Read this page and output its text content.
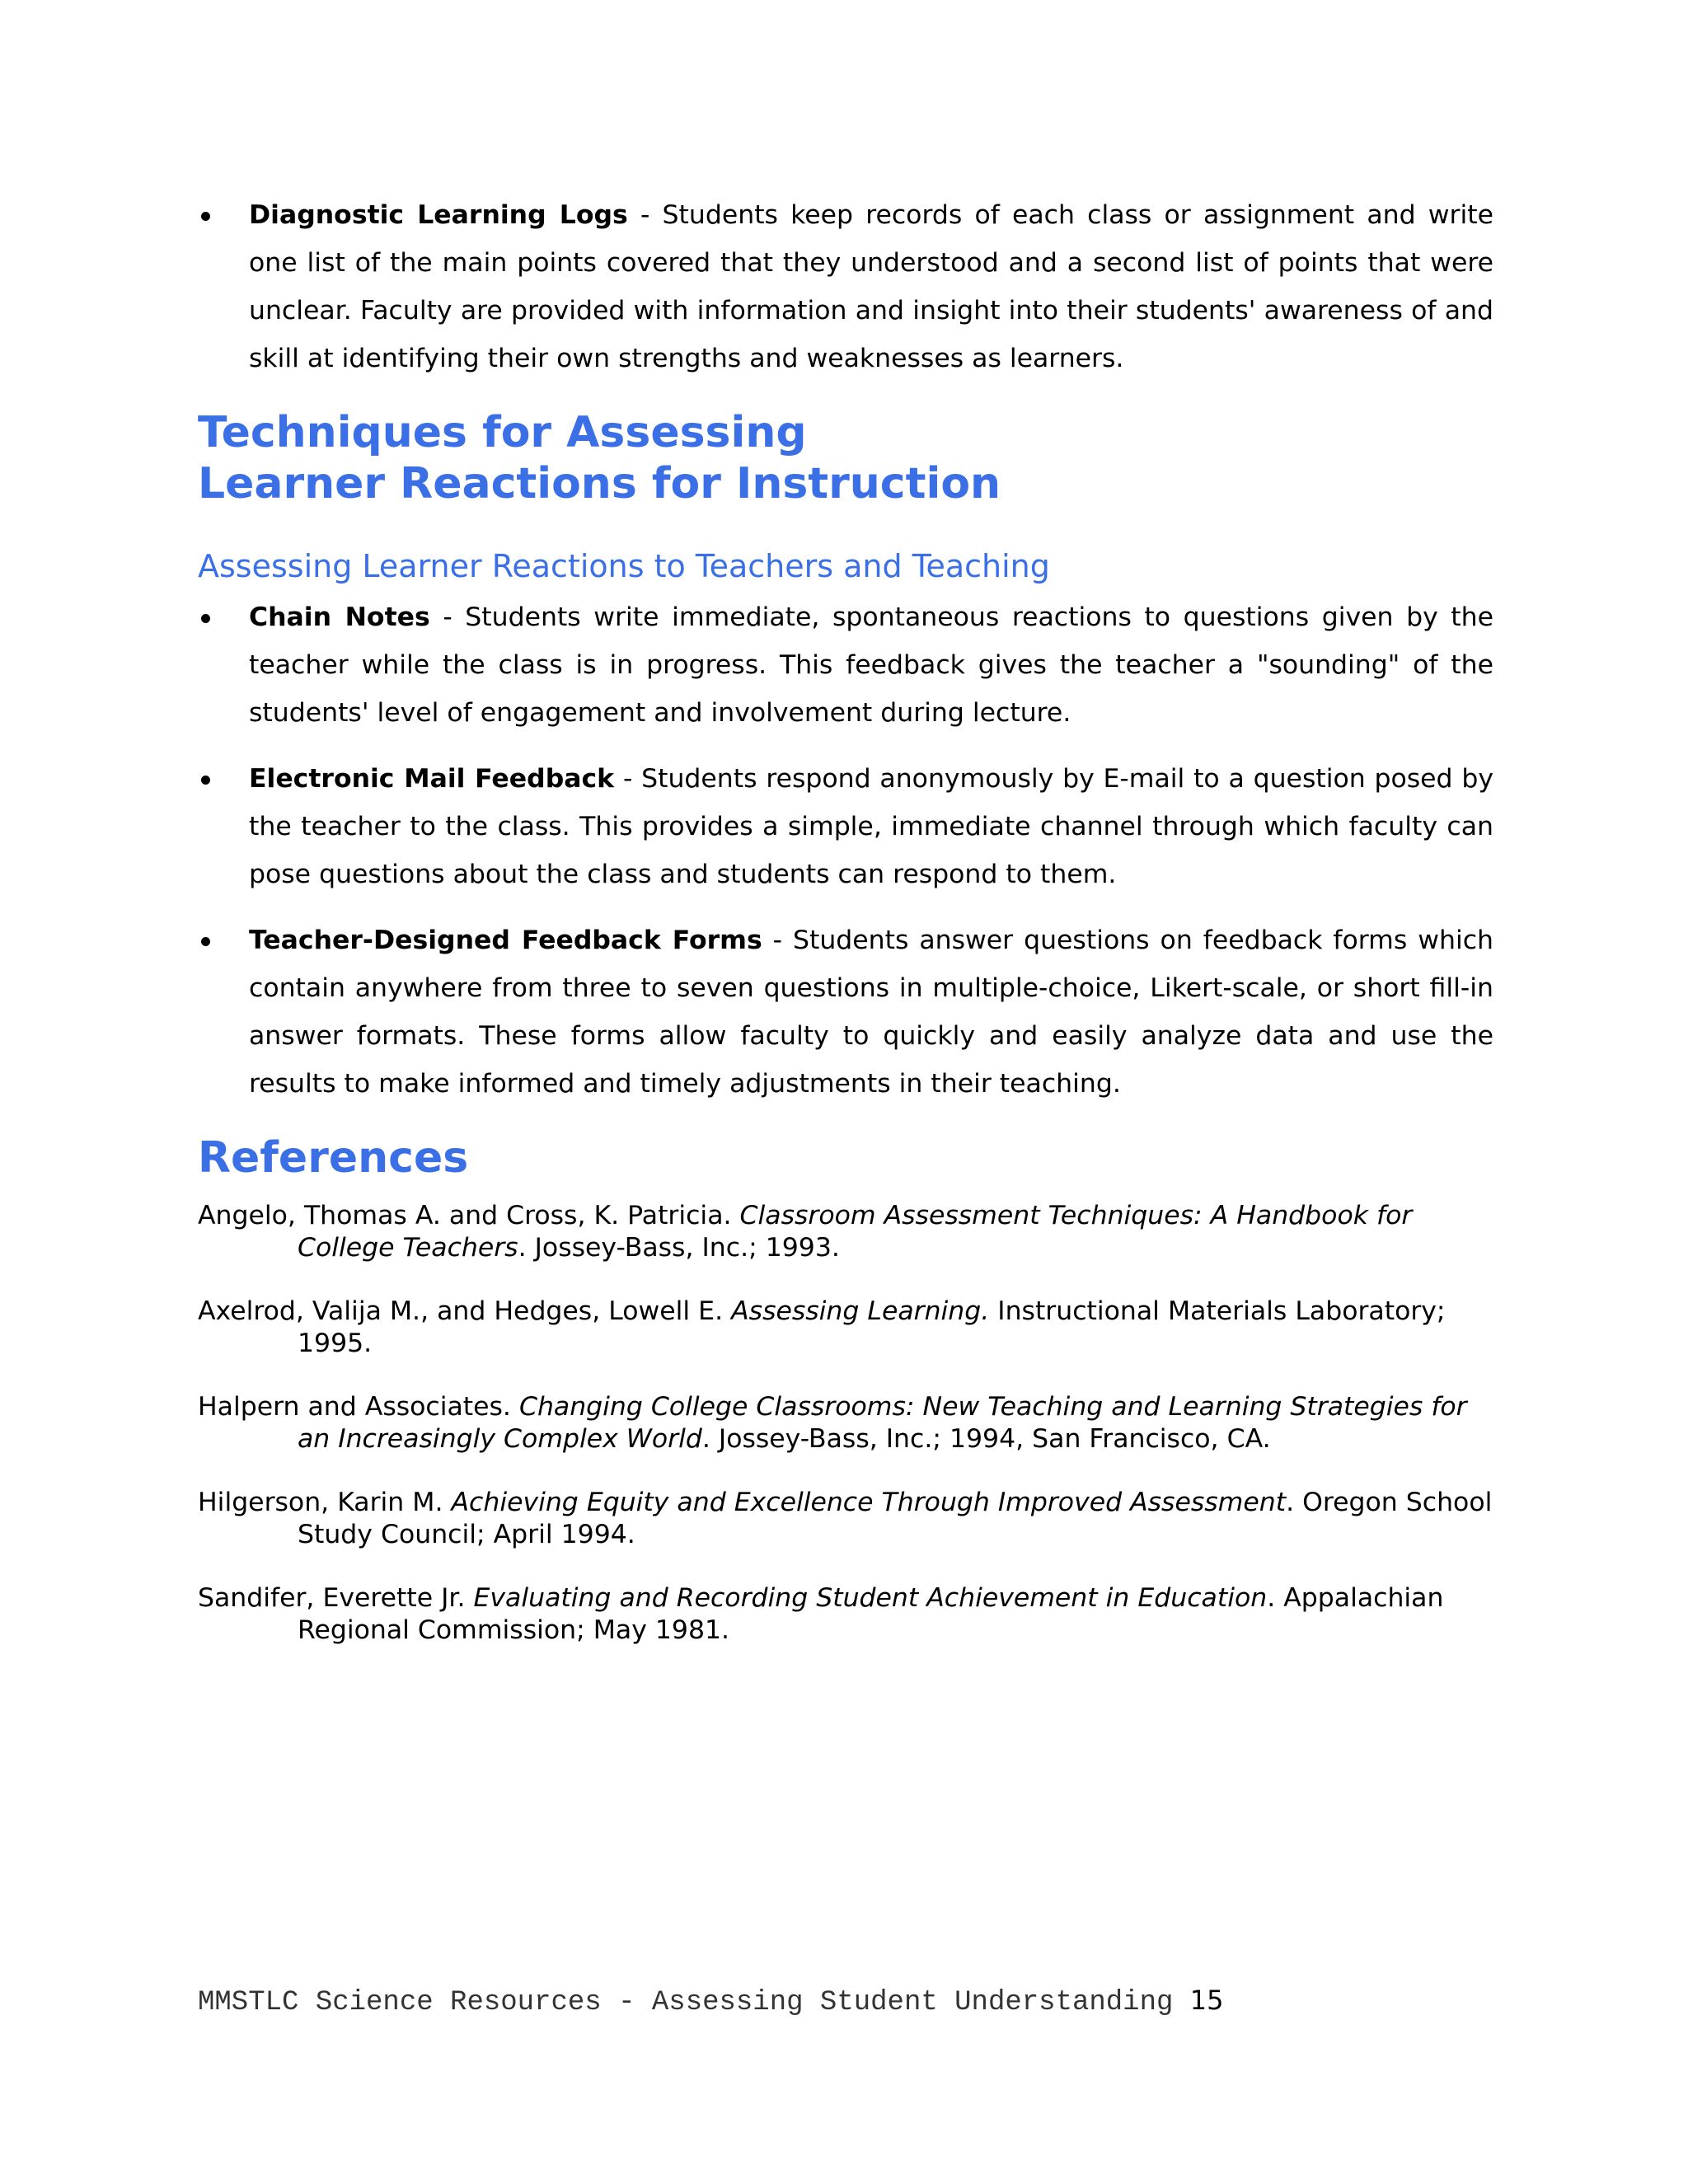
Diagnostic Learning Logs - Students keep records of each class or assignment and write one list of the main points covered that they understood and a second list of points that were unclear. Faculty are provided with information and insight into their students' awareness of and skill at identifying their own strengths and weaknesses as learners.
Techniques for Assessing
Learner Reactions for Instruction
Assessing Learner Reactions to Teachers and Teaching
Chain Notes - Students write immediate, spontaneous reactions to questions given by the teacher while the class is in progress. This feedback gives the teacher a "sounding" of the students' level of engagement and involvement during lecture.
Electronic Mail Feedback - Students respond anonymously by E-mail to a question posed by the teacher to the class. This provides a simple, immediate channel through which faculty can pose questions about the class and students can respond to them.
Teacher-Designed Feedback Forms - Students answer questions on feedback forms which contain anywhere from three to seven questions in multiple-choice, Likert-scale, or short fill-in answer formats. These forms allow faculty to quickly and easily analyze data and use the results to make informed and timely adjustments in their teaching.
References

Angelo, Thomas A. and Cross, K. Patricia. Classroom Assessment Techniques: A Handbook for College Teachers. Jossey-Bass, Inc.; 1993.

Axelrod, Valija M., and Hedges, Lowell E. Assessing Learning. Instructional Materials Laboratory; 1995.

Halpern and Associates. Changing College Classrooms: New Teaching and Learning Strategies for an Increasingly Complex World. Jossey-Bass, Inc.; 1994, San Francisco, CA.

Hilgerson, Karin M. Achieving Equity and Excellence Through Improved Assessment. Oregon School Study Council; April 1994.

Sandifer, Everette Jr. Evaluating and Recording Student Achievement in Education. Appalachian Regional Commission; May 1981.

MMSTLC Science Resources - Assessing Student Understanding 15
